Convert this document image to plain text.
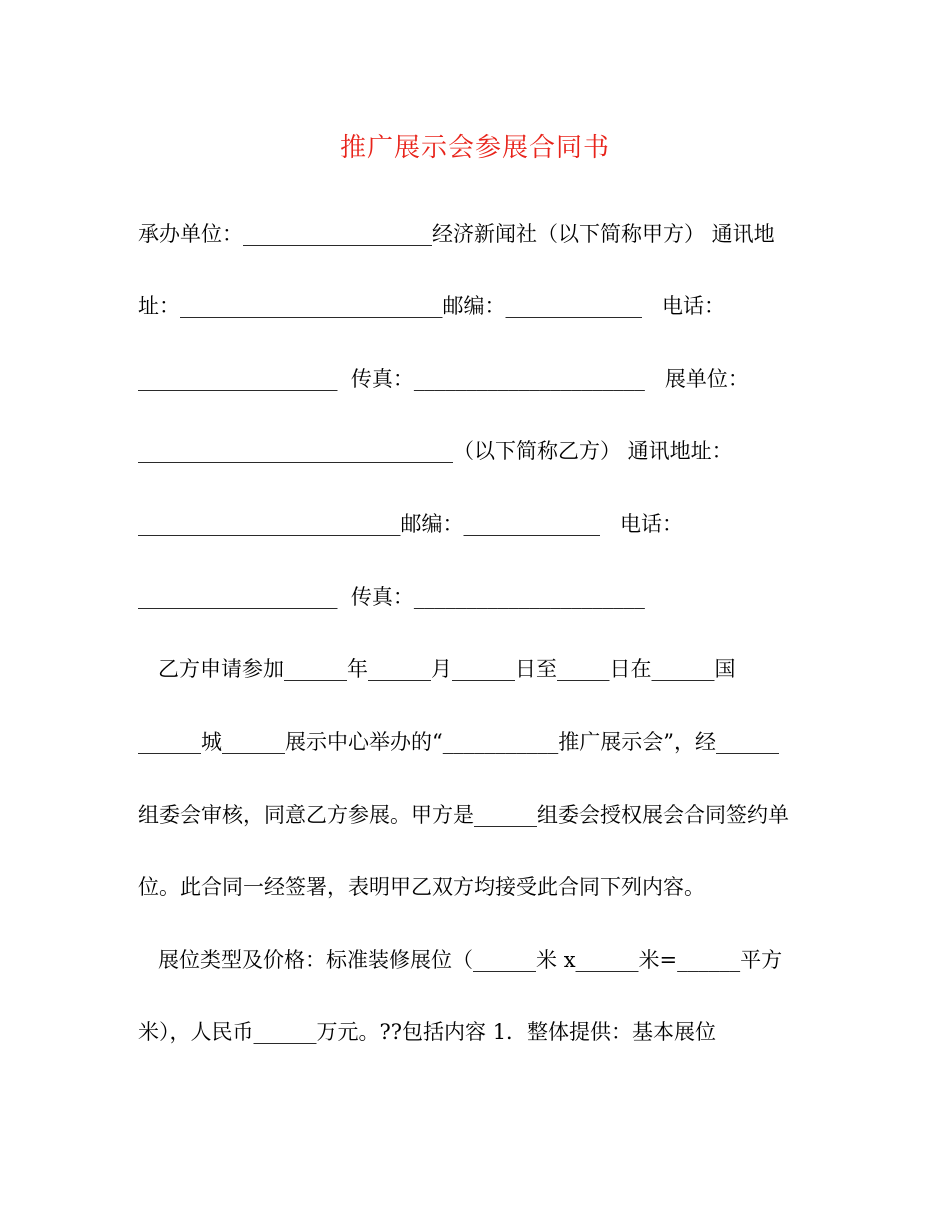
推广展示会参展合同书
承办单位：__________________经济新闻社（以下简称甲方） 通讯地
址：_________________________邮编：_____________   电话：
___________________  传真：______________________   展单位：
______________________________（以下简称乙方） 通讯地址：
_________________________邮编：_____________   电话：
___________________  传真：______________________
乙方申请参加______年______月______日至_____日在______国
______城______展示中心举办的“___________推广展示会”，经______
组委会审核，同意乙方参展。甲方是______组委会授权展会合同签约单
位。此合同一经签署，表明甲乙双方均接受此合同下列内容。
展位类型及价格：标准装修展位（______米 x______米=______平方
米），人民币______万元。??包括内容 1．整体提供：基本展位
